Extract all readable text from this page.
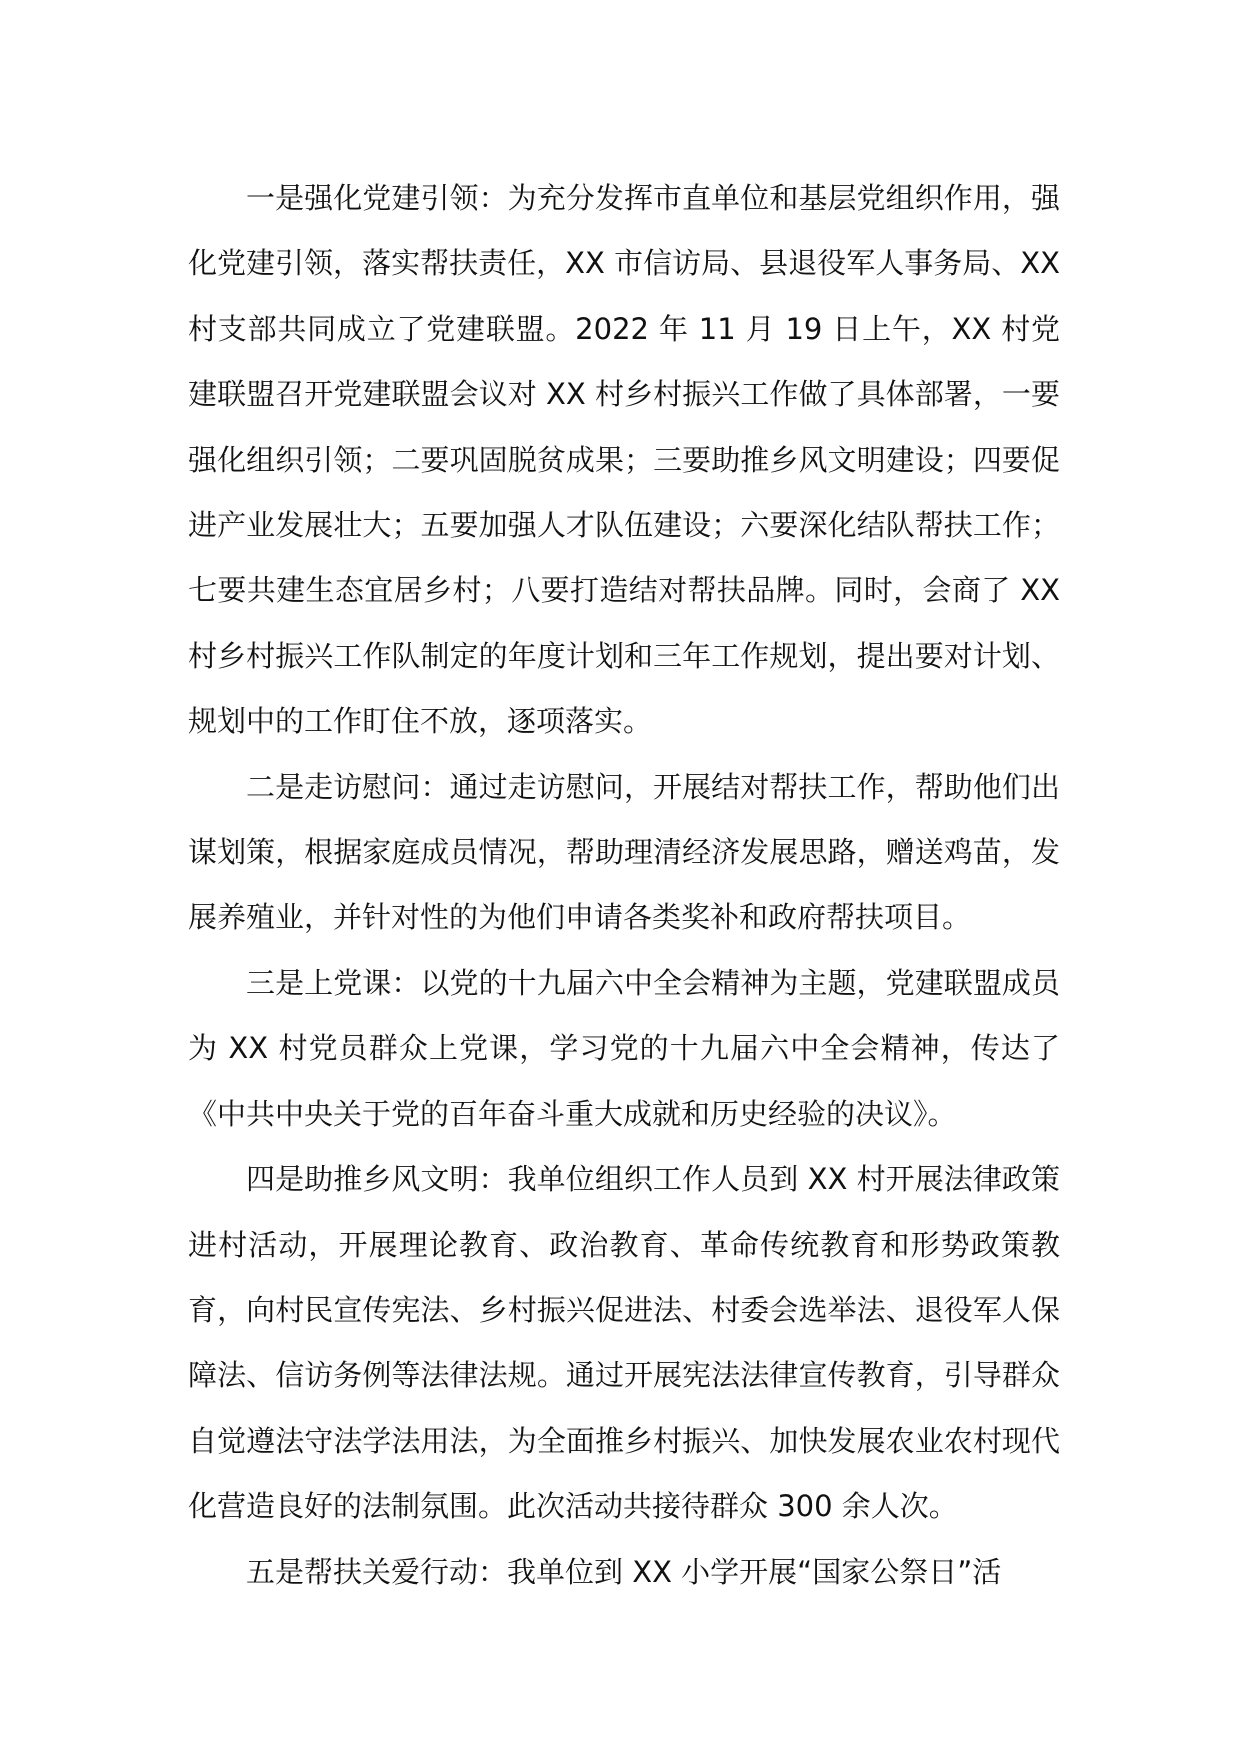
一是强化党建引领：为充分发挥市直单位和基层党组织作用，强化党建引领，落实帮扶责任，XX 市信访局、县退役军人事务局、XX 村支部共同成立了党建联盟。2022 年 11 月 19 日上午，XX 村党建联盟召开党建联盟会议对 XX 村乡村振兴工作做了具体部署，一要强化组织引领；二要巩固脱贫成果；三要助推乡风文明建设；四要促进产业发展壮大；五要加强人才队伍建设；六要深化结队帮扶工作；七要共建生态宜居乡村；八要打造结对帮扶品牌。同时，会商了 XX 村乡村振兴工作队制定的年度计划和三年工作规划，提出要对计划、规划中的工作盯住不放，逐项落实。

二是走访慰问：通过走访慰问，开展结对帮扶工作，帮助他们出谋划策，根据家庭成员情况，帮助理清经济发展思路，赠送鸡苗，发展养殖业，并针对性的为他们申请各类奖补和政府帮扶项目。

三是上党课：以党的十九届六中全会精神为主题，党建联盟成员为 XX 村党员群众上党课，学习党的十九届六中全会精神，传达了《中共中央关于党的百年奋斗重大成就和历史经验的决议》。

四是助推乡风文明：我单位组织工作人员到 XX 村开展法律政策进村活动，开展理论教育、政治教育、革命传统教育和形势政策教育，向村民宣传宪法、乡村振兴促进法、村委会选举法、退役军人保障法、信访务例等法律法规。通过开展宪法法律宣传教育，引导群众自觉遵法守法学法用法，为全面推乡村振兴、加快发展农业农村现代化营造良好的法制氛围。此次活动共接待群众 300 余人次。

五是帮扶关爱行动：我单位到 XX 小学开展“国家公祭日”活
